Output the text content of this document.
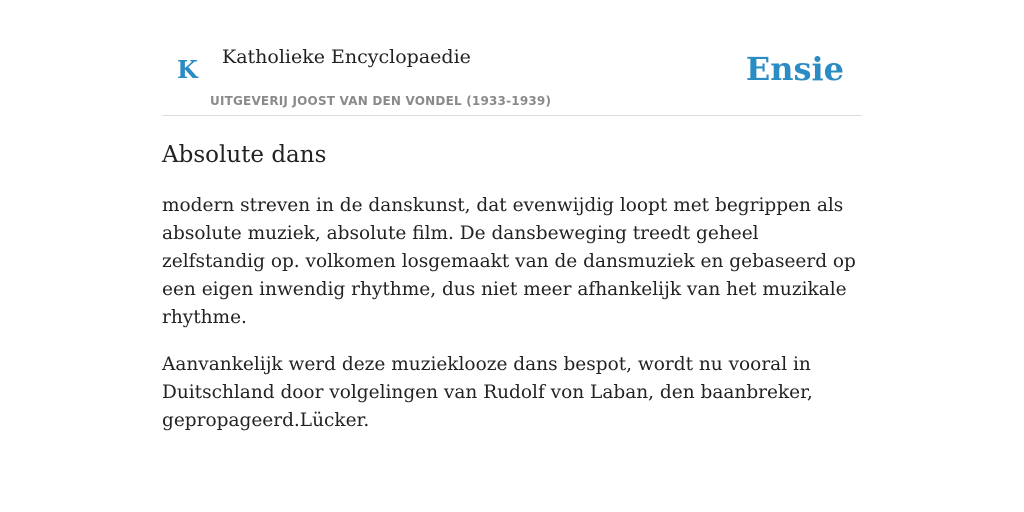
K Katholieke Encyclopaedie
UITGEVERIJ JOOST VAN DEN VONDEL (1933-1939)
Ensie
Absolute dans

modern streven in de danskunst, dat evenwijdig loopt met begrippen als absolute muziek, absolute film. De dansbeweging treedt geheel zelfstandig op. volkomen losgemaakt van de dansmuziek en gebaseerd op een eigen inwendig rhythme, dus niet meer afhankelijk van het muzikale rhythme.

Aanvankelijk werd deze muzieklooze dans bespot, wordt nu vooral in Duitschland door volgelingen van Rudolf von Laban, den baanbreker, gepropageerd.Lücker.
